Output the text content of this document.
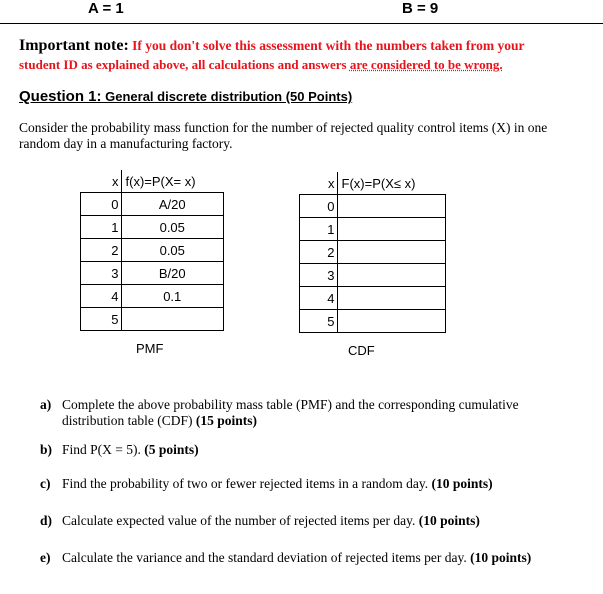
A = 1	B = 9
Important note: If you don't solve this assessment with the numbers taken from your
student ID as explained above, all calculations and answers are considered to be wrong.
Question 1: General discrete distribution (50 Points)
Consider the probability mass function for the number of rejected quality control items (X) in one random day in a manufacturing factory.
x	f(x)=P(X= x)
0	A/20
1	0.05
2	0.05
3	B/20
4	0.1
5	
x	F(x)=P(X≤ x)
0	
1	
2	
3	
4	
5	
PMF	CDF
a) Complete the above probability mass table (PMF) and the corresponding cumulative distribution table (CDF) (15 points)
b) Find P(X = 5). (5 points)
c) Find the probability of two or fewer rejected items in a random day. (10 points)
d) Calculate expected value of the number of rejected items per day. (10 points)
e) Calculate the variance and the standard deviation of rejected items per day. (10 points)
